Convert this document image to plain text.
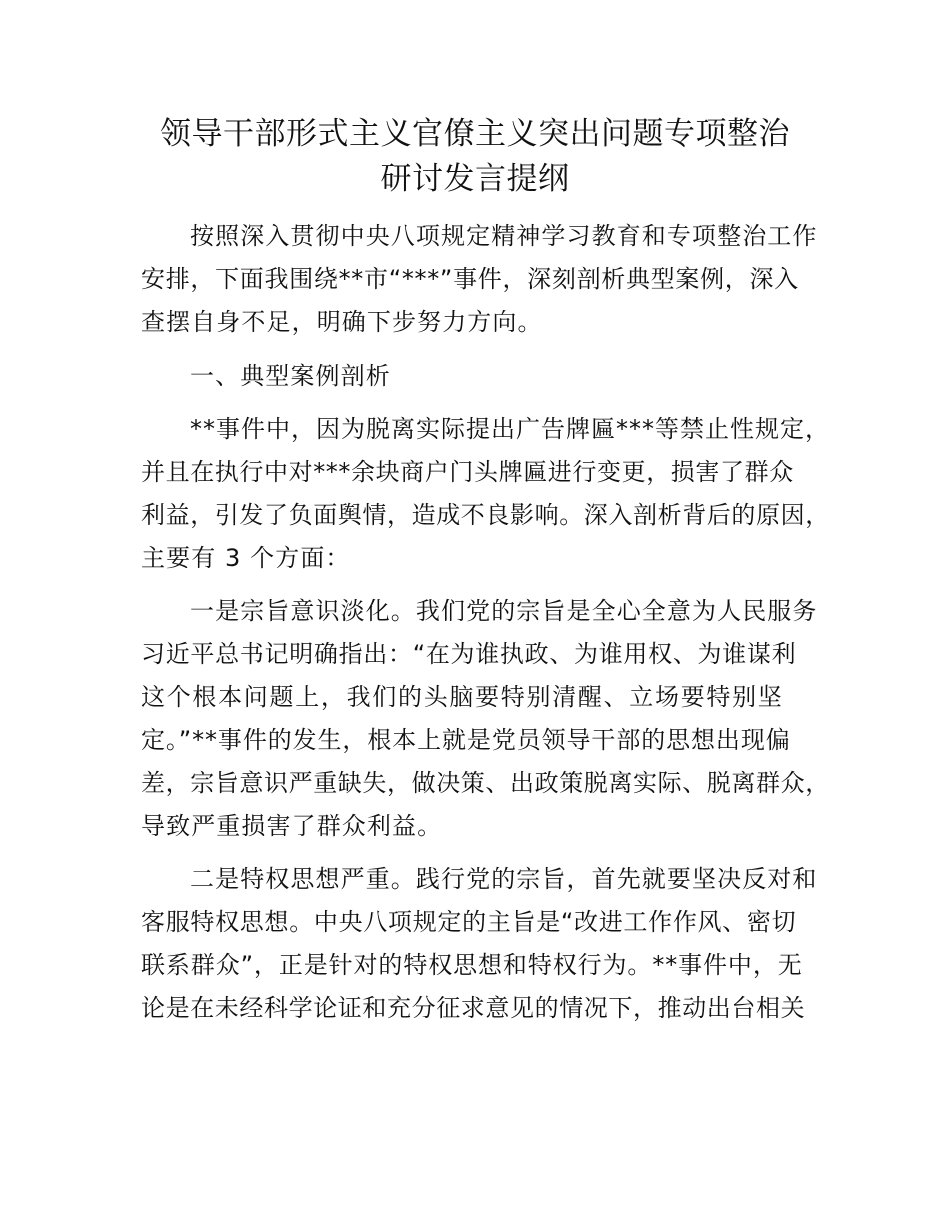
领导干部形式主义官僚主义突出问题专项整治
研讨发言提纲
按照深入贯彻中央八项规定精神学习教育和专项整治工作
安排，下面我围绕**市“***”事件，深刻剖析典型案例，深入
查摆自身不足，明确下步努力方向。
一、典型案例剖析
**事件中，因为脱离实际提出广告牌匾***等禁止性规定，
并且在执行中对***余块商户门头牌匾进行变更，损害了群众
利益，引发了负面舆情，造成不良影响。深入剖析背后的原因，
主要有 3 个方面：
一是宗旨意识淡化。我们党的宗旨是全心全意为人民服务
习近平总书记明确指出：“在为谁执政、为谁用权、为谁谋利
这个根本问题上，我们的头脑要特别清醒、立场要特别坚
定。”**事件的发生，根本上就是党员领导干部的思想出现偏
差，宗旨意识严重缺失，做决策、出政策脱离实际、脱离群众，
导致严重损害了群众利益。
二是特权思想严重。践行党的宗旨，首先就要坚决反对和
客服特权思想。中央八项规定的主旨是“改进工作作风、密切
联系群众”，正是针对的特权思想和特权行为。**事件中，无
论是在未经科学论证和充分征求意见的情况下，推动出台相关
